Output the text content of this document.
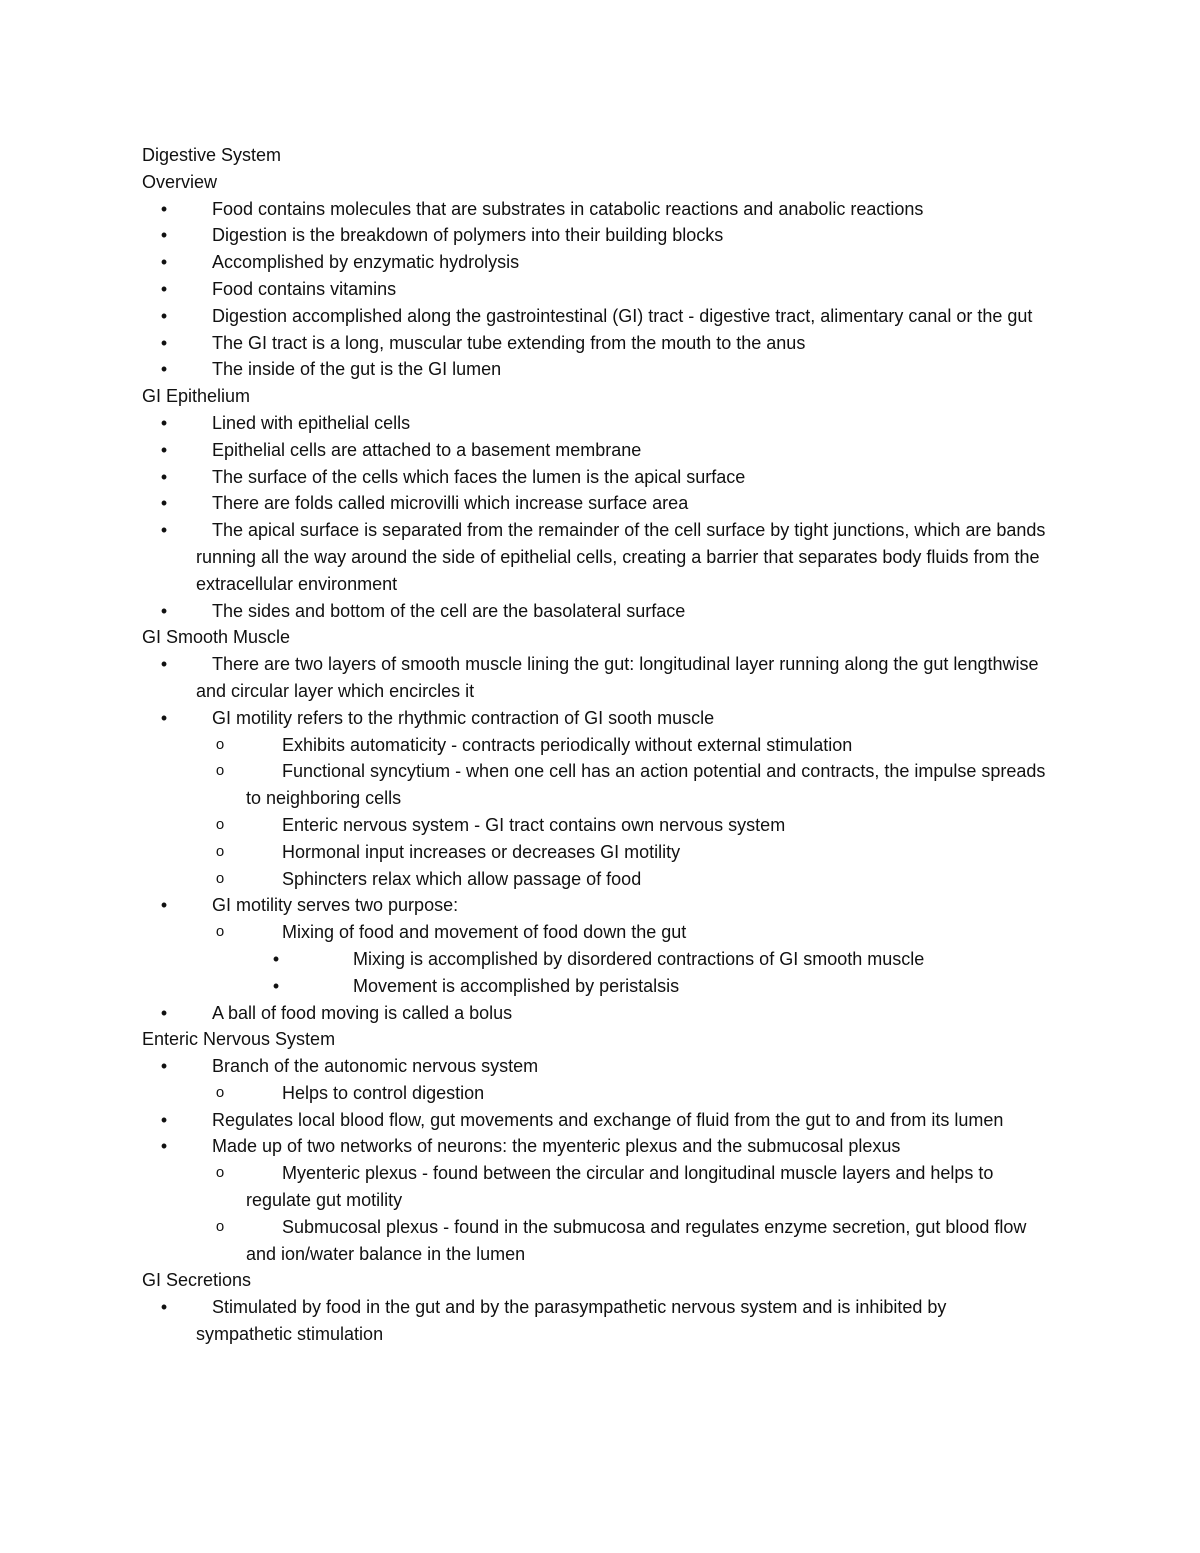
Digestive System
Overview
•	Food contains molecules that are substrates in catabolic reactions and anabolic reactions
•	Digestion is the breakdown of polymers into their building blocks
•	Accomplished by enzymatic hydrolysis
•	Food contains vitamins
•	Digestion accomplished along the gastrointestinal (GI) tract - digestive tract, alimentary canal or the gut
•	The GI tract is a long, muscular tube extending from the mouth to the anus
•	The inside of the gut is the GI lumen
GI Epithelium
•	Lined with epithelial cells
•	Epithelial cells are attached to a basement membrane
•	The surface of the cells which faces the lumen is the apical surface
•	There are folds called microvilli which increase surface area
•	The apical surface is separated from the remainder of the cell surface by tight junctions, which are bands running all the way around the side of epithelial cells, creating a barrier that separates body fluids from the extracellular environment
•	The sides and bottom of the cell are the basolateral surface
GI Smooth Muscle
•	There are two layers of smooth muscle lining the gut: longitudinal layer running along the gut lengthwise and circular layer which encircles it
•	GI motility refers to the rhythmic contraction of GI sooth muscle
o	Exhibits automaticity - contracts periodically without external stimulation
o	Functional syncytium - when one cell has an action potential and contracts, the impulse spreads to neighboring cells
o	Enteric nervous system - GI tract contains own nervous system
o	Hormonal input increases or decreases GI motility
o	Sphincters relax which allow passage of food
•	GI motility serves two purpose:
o	Mixing of food and movement of food down the gut
•	Mixing is accomplished by disordered contractions of GI smooth muscle
•	Movement is accomplished by peristalsis
•	A ball of food moving is called a bolus
Enteric Nervous System
•	Branch of the autonomic nervous system
o	Helps to control digestion
•	Regulates local blood flow, gut movements and exchange of fluid from the gut to and from its lumen
•	Made up of two networks of neurons: the myenteric plexus and the submucosal plexus
o	Myenteric plexus - found between the circular and longitudinal muscle layers and helps to regulate gut motility
o	Submucosal plexus - found in the submucosa and regulates enzyme secretion, gut blood flow and ion/water balance in the lumen
GI Secretions
•	Stimulated by food in the gut and by the parasympathetic nervous system and is inhibited by sympathetic stimulation
